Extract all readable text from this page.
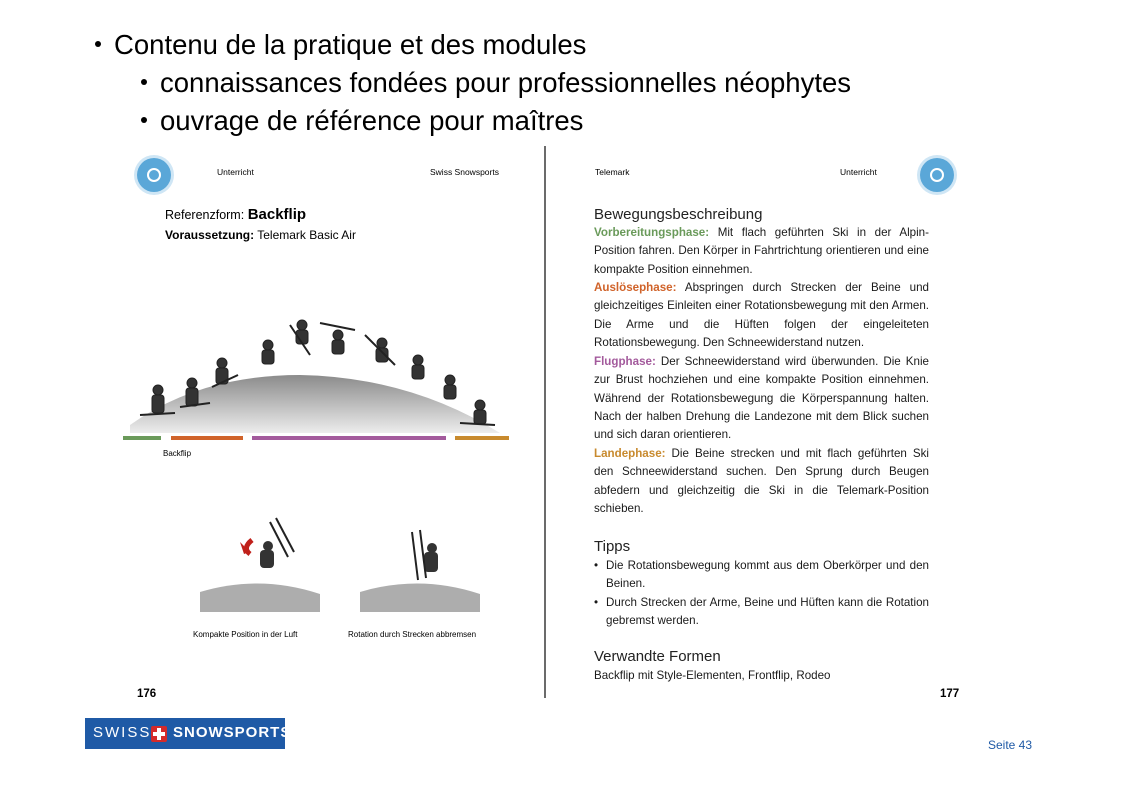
Contenu de la pratique et des modules
connaissances fondées pour professionnelles néophytes
ouvrage de référence pour maîtres
Unterricht	Swiss Snowsports
Referenzform: Backflip
Voraussetzung: Telemark Basic Air
Backflip
Kompakte Position in der Luft	Rotation durch Strecken abbremsen
176
Telemark	Unterricht
Bewegungsbeschreibung
Vorbereitungsphase: Mit flach geführten Ski in der Alpin-Position fahren. Den Körper in Fahrtrichtung orientieren und eine kompakte Position einnehmen.
Auslösephase: Abspringen durch Strecken der Beine und gleichzeitiges Einleiten einer Rotationsbewegung mit den Armen. Die Arme und die Hüften folgen der eingeleiteten Rotationsbewegung. Den Schneewiderstand nutzen.
Flugphase: Der Schneewiderstand wird überwunden. Die Knie zur Brust hochziehen und eine kompakte Position einnehmen. Während der Rotationsbewegung die Körperspannung halten. Nach der halben Drehung die Landezone mit dem Blick suchen und sich daran orientieren.
Landephase: Die Beine strecken und mit flach geführten Ski den Schneewiderstand suchen. Den Sprung durch Beugen abfedern und gleichzeitig die Ski in die Telemark-Position schieben.
Tipps
• Die Rotationsbewegung kommt aus dem Oberkörper und den Beinen.
• Durch Strecken der Arme, Beine und Hüften kann die Rotation gebremst werden.
Verwandte Formen
Backflip mit Style-Elementen, Frontflip, Rodeo
177
SWISS SNOWSPORTS
Seite 43
